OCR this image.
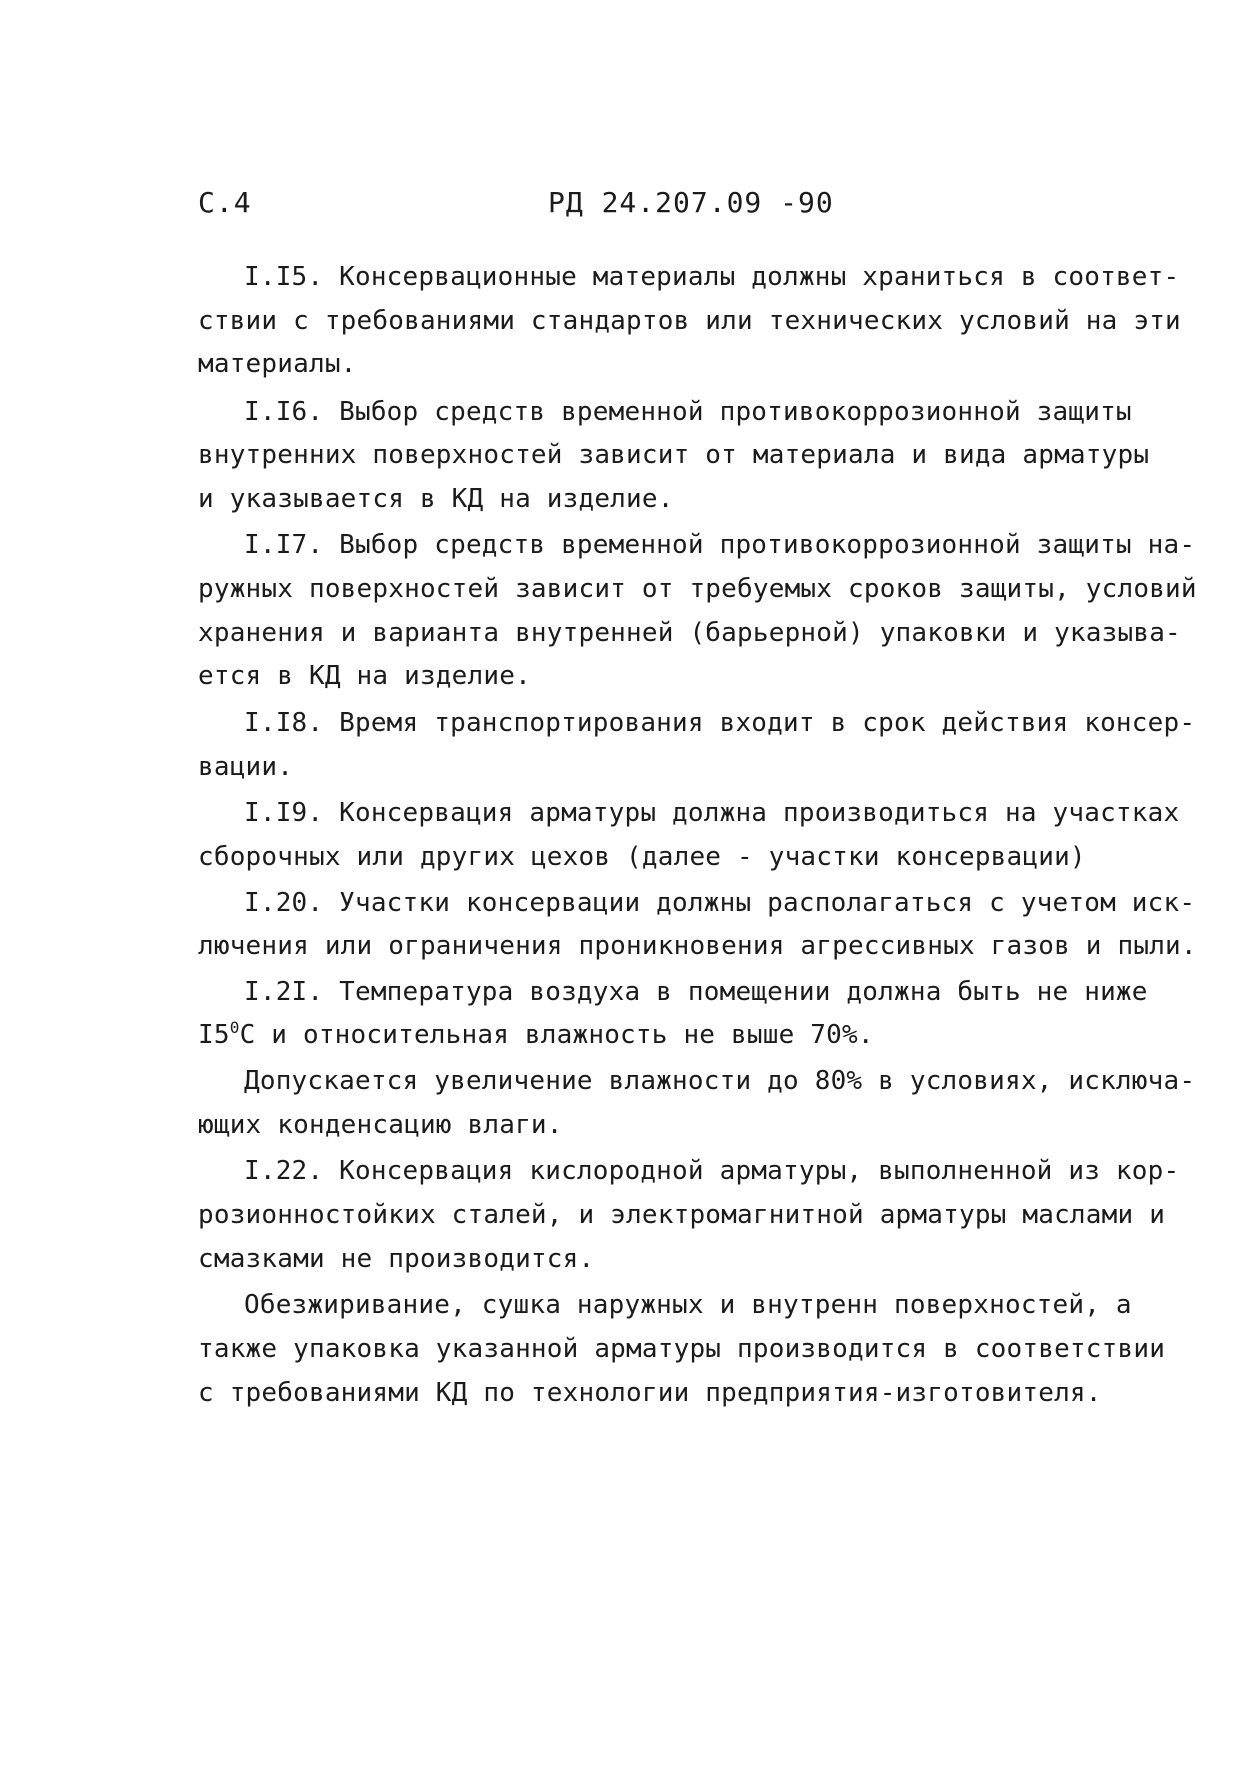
С.4	РД 24.207.09 -90
I.I5. Консервационные материалы должны храниться в соответ-
ствии с требованиями стандартов или технических условий на эти
материалы.
I.I6. Выбор средств временной противокоррозионной защиты
внутренних поверхностей зависит от материала и вида арматуры
и указывается в КД на изделие.
I.I7. Выбор средств временной противокоррозионной защиты на-
ружных поверхностей зависит от требуемых сроков защиты, условий
хранения и варианта внутренней (барьерной) упаковки и указыва-
ется в КД на изделие.
I.I8. Время транспортирования входит в срок действия консер-
вации.
I.I9. Консервация арматуры должна производиться на участках
сборочных или других цехов (далее - участки консервации)
I.20. Участки консервации должны располагаться с учетом иск-
лючения или ограничения проникновения агрессивных газов и пыли.
I.2I. Температура воздуха в помещении должна быть не ниже
$I5^0С$ и относительная влажность не выше 70%.
Допускается увеличение влажности до 80% в условиях, исключа-
ющих конденсацию влаги.
I.22. Консервация кислородной арматуры, выполненной из кор-
розионностойких сталей, и электромагнитной арматуры маслами и
смазками не производится.
Обезжиривание, сушка наружных и внутренн поверхностей, а
также упаковка указанной арматуры производится в соответствии
с требованиями КД по технологии предприятия-изготовителя.
